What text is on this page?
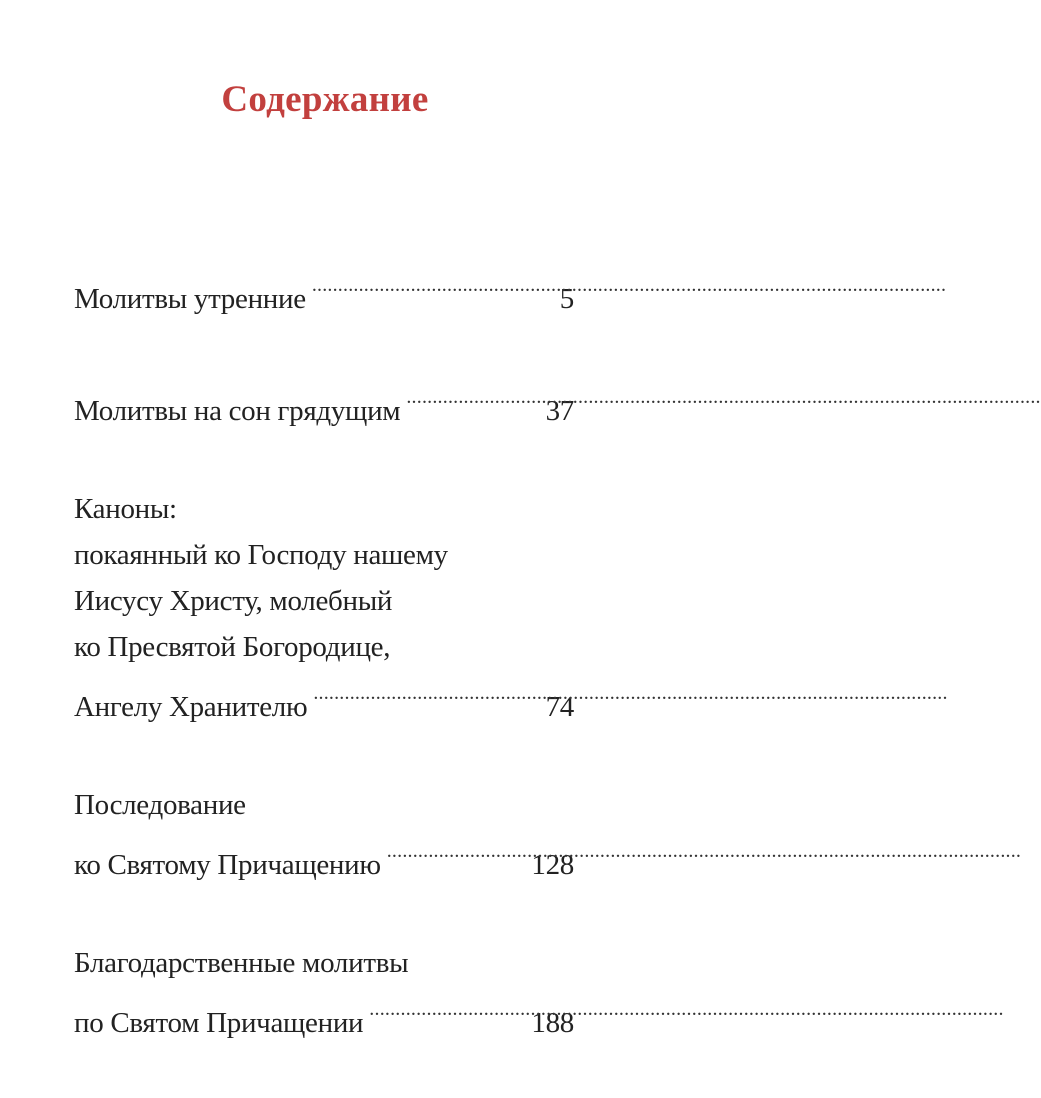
Содержание
Молитвы утренние .....	5
Молитвы на сон грядущим .....	37
Каноны:
покаянный ко Господу нашему
Иисусу Христу, молебный
ко Пресвятой Богородице,
Ангелу Хранителю .....	74
Последование
ко Святому Причащению .....	128
Благодарственные молитвы
по Святом Причащении .....	188
